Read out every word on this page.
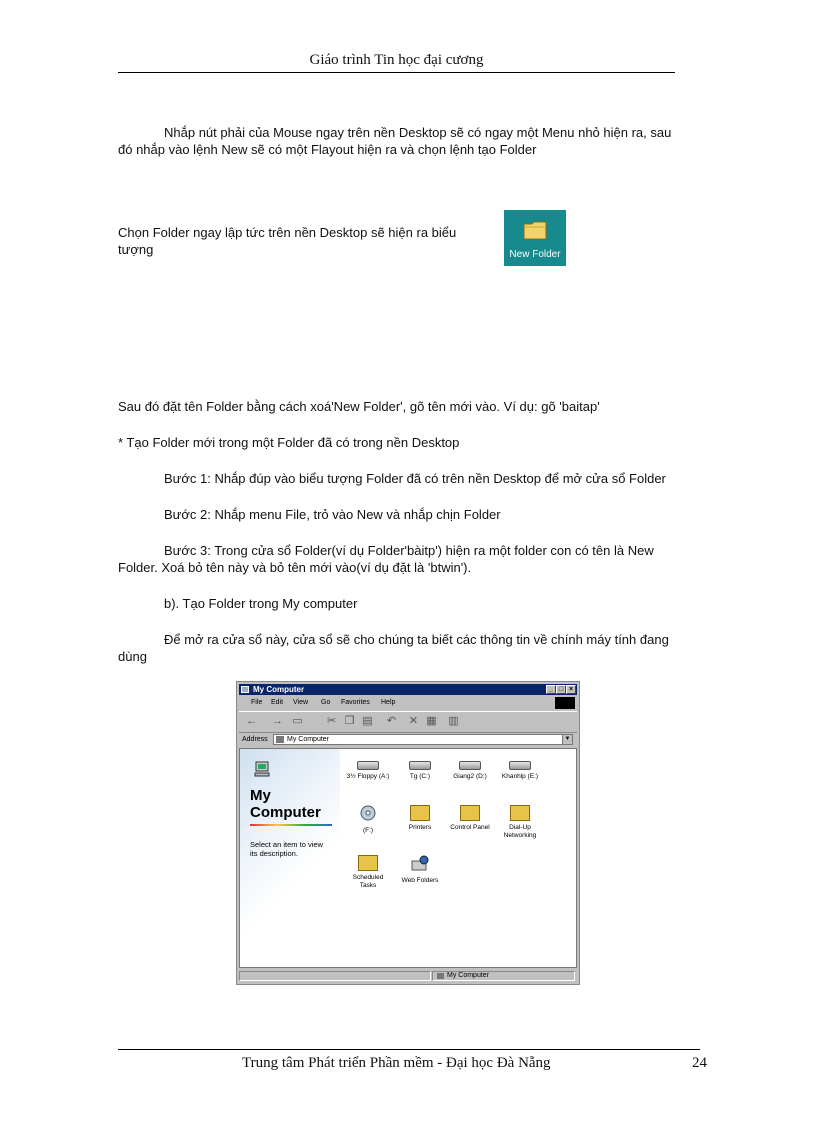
Giáo trình Tin học đại cương
Nhắp nút phải của Mouse ngay trên nền Desktop sẽ có ngay một Menu nhỏ hiện ra, sau đó nhắp vào lệnh New sẽ có một Flayout hiện ra và chọn lệnh tạo Folder
Chọn Folder ngay lập tức trên nền Desktop sẽ hiện ra biểu tượng	New Folder
Sau đó đặt tên Folder bằng cách xoá'New Folder', gõ tên mới vào. Ví dụ: gõ 'baitap'
* Tạo Folder mới trong một Folder đã có trong nền Desktop
Bước 1: Nhắp đúp vào biểu tượng Folder đã có trên nền Desktop để mở cửa sổ Folder
Bước 2: Nhắp menu File, trỏ vào New và nhắp chịn Folder
Bước 3: Trong cửa sổ Folder(ví dụ Folder'bàitp') hiện ra một folder con có tên là New Folder. Xoá bỏ tên này và bỏ tên mới vào(ví dụ đặt là 'btwin').
b). Tạo Folder trong My computer
Để mở ra cửa sổ này, cửa sổ sẽ cho chúng ta biết các thông tin về chính máy tính đang dùng
My Computer	_ □ ×
File Edit View Go Favorites Help
← → ▭ ✂ ❐ ▤ ↶ ✕ ▦ ▥
Address	My Computer	▼
My
Computer
Select an item to view its description.
3½ Floppy (A:)	Tg (C:)	Giang2 (D:)	Khanhlp (E:)
(F:)	Printers	Control Panel	Dial-Up Networking
Scheduled Tasks
Web Folders
My Computer
Trung tâm Phát triển Phần mềm - Đại học Đà Nẵng	24
